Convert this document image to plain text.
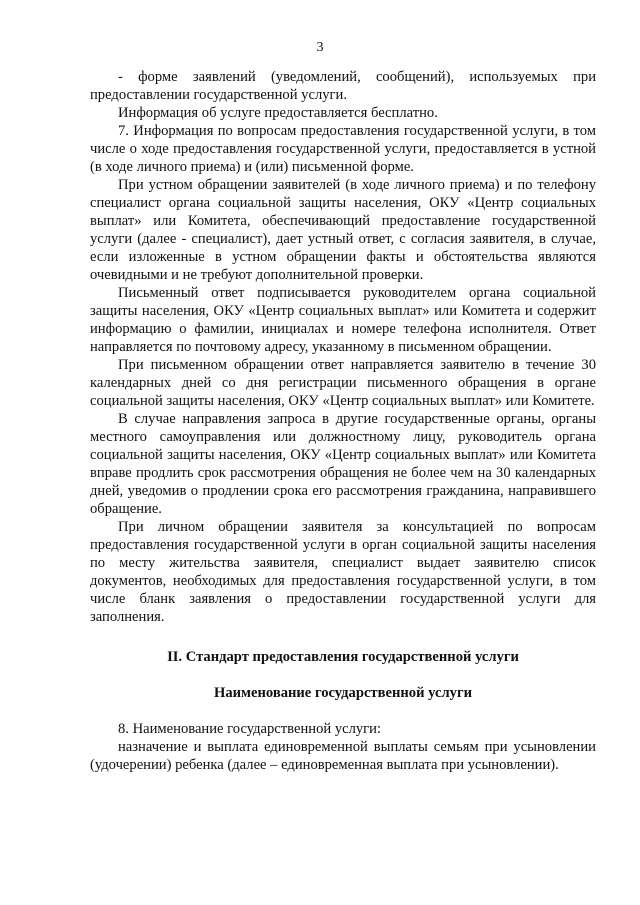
3

- форме заявлений (уведомлений, сообщений), используемых при предоставлении государственной услуги.

Информация об услуге предоставляется бесплатно.

7. Информация по вопросам предоставления государственной услуги, в том числе о ходе предоставления государственной услуги, предоставляется в устной (в ходе личного приема) и (или) письменной форме.

При устном обращении заявителей (в ходе личного приема) и по телефону специалист органа социальной защиты населения, ОКУ «Центр социальных выплат» или Комитета, обеспечивающий предоставление государственной услуги (далее - специалист), дает устный ответ, с согласия заявителя, в случае, если изложенные в устном обращении факты и обстоятельства являются очевидными и не требуют дополнительной проверки.

Письменный ответ подписывается руководителем органа социальной защиты населения, ОКУ «Центр социальных выплат» или Комитета и содержит информацию о фамилии, инициалах и номере телефона исполнителя. Ответ направляется по почтовому адресу, указанному в письменном обращении.

При письменном обращении ответ направляется заявителю в течение 30 календарных дней со дня регистрации письменного обращения в органе социальной защиты населения, ОКУ «Центр социальных выплат» или Комитете.

В случае направления запроса в другие государственные органы, органы местного самоуправления или должностному лицу, руководитель органа социальной защиты населения, ОКУ «Центр социальных выплат» или Комитета вправе продлить срок рассмотрения обращения не более чем на 30 календарных дней, уведомив о продлении срока его рассмотрения гражданина, направившего обращение.

При личном обращении заявителя за консультацией по вопросам предоставления государственной услуги в орган социальной защиты населения по месту жительства заявителя, специалист выдает заявителю список документов, необходимых для предоставления государственной услуги, в том числе бланк заявления о предоставлении государственной услуги для заполнения.

II. Стандарт предоставления государственной услуги

Наименование государственной услуги

8. Наименование государственной услуги:

назначение и выплата единовременной выплаты семьям при усыновлении (удочерении) ребенка (далее – единовременная выплата при усыновлении).
